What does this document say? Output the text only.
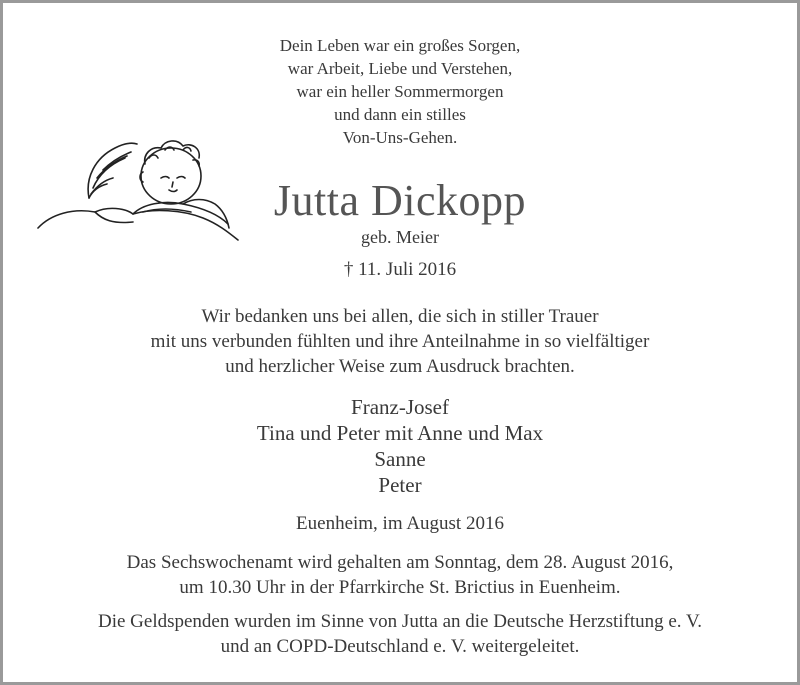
Dein Leben war ein großes Sorgen,
war Arbeit, Liebe und Verstehen,
war ein heller Sommermorgen
und dann ein stilles
Von-Uns-Gehen.
Jutta Dickopp
geb. Meier
† 11. Juli 2016
Wir bedanken uns bei allen, die sich in stiller Trauer
mit uns verbunden fühlten und ihre Anteilnahme in so vielfältiger
und herzlicher Weise zum Ausdruck brachten.
Franz-Josef
Tina und Peter mit Anne und Max
Sanne
Peter
Euenheim, im August 2016
Das Sechswochenamt wird gehalten am Sonntag, dem 28. August 2016,
um 10.30 Uhr in der Pfarrkirche St. Brictius in Euenheim.
Die Geldspenden wurden im Sinne von Jutta an die Deutsche Herzstiftung e. V.
und an COPD-Deutschland e. V. weitergeleitet.
